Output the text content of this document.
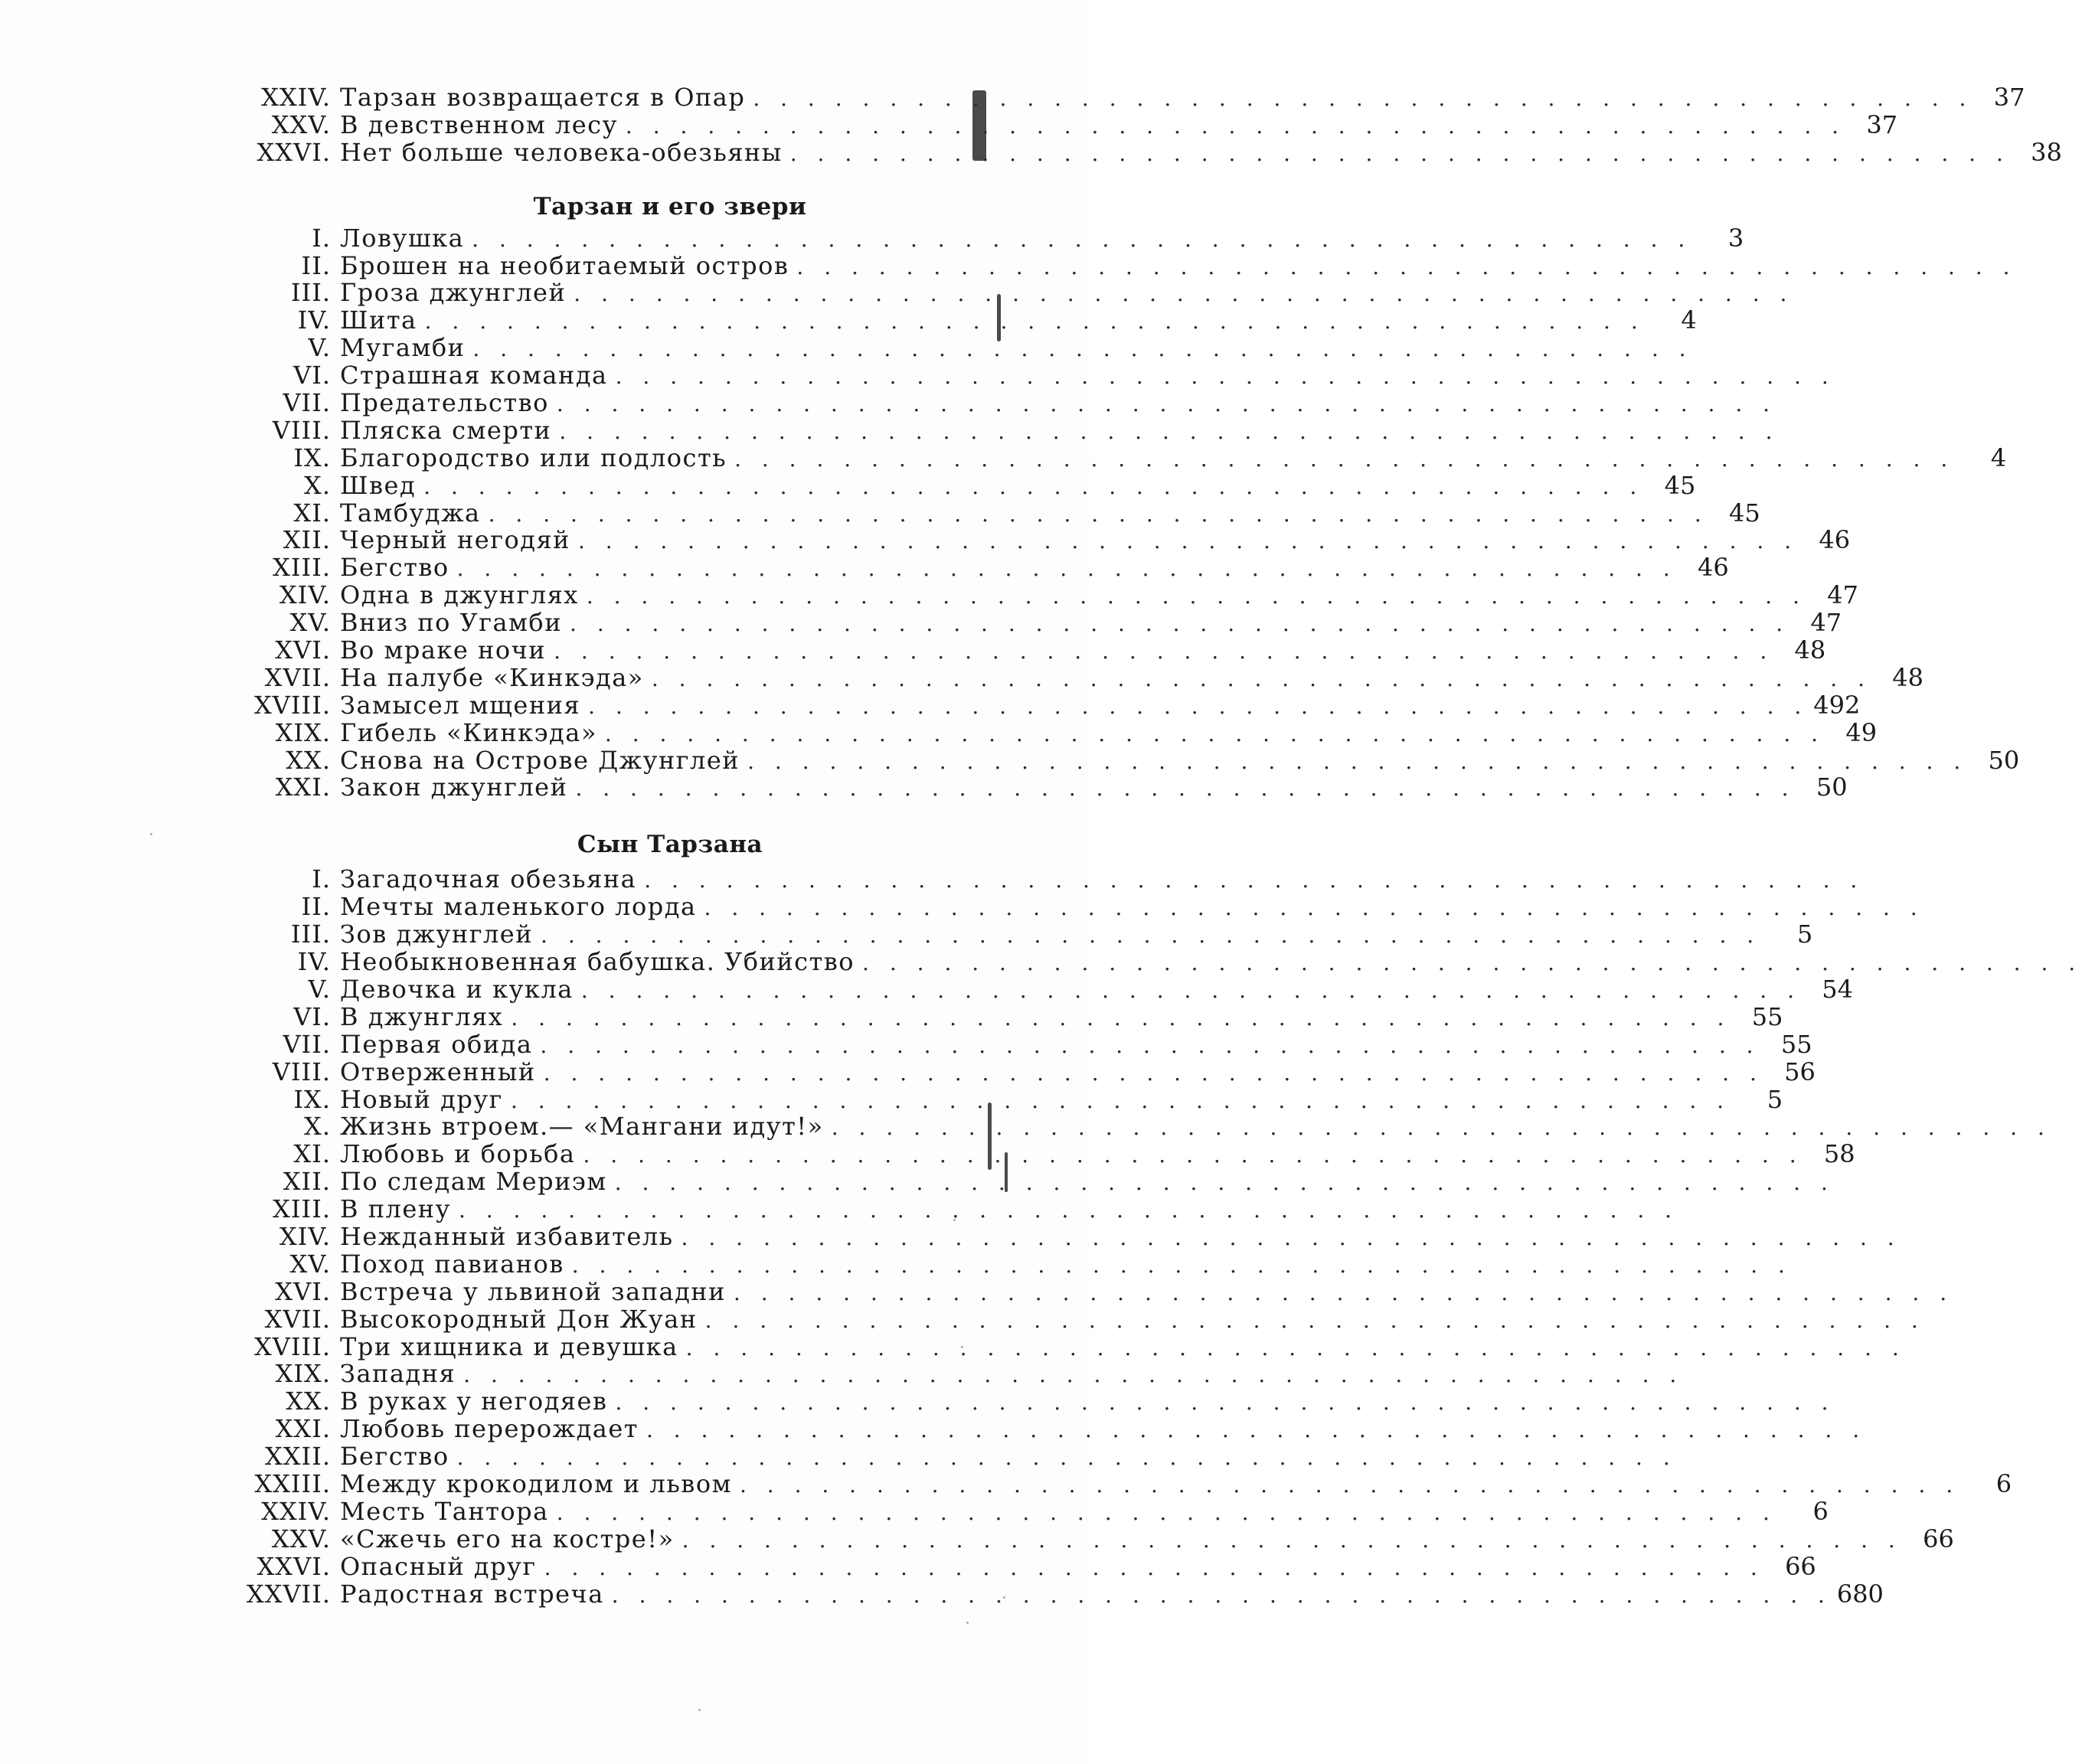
XXIV. Тарзан возвращается в Опар . . .	37
XXV. В девственном лесу . . .	37
XXVI. Нет больше человека-обезьяны . . .	38
Тарзан и его звери
I. Ловушка . . .	3
II. Брошен на необитаемый остров
. . .
III. Гроза джунглей
. . .
IV. Шита . . .	4
V. Мугамби
. . .
VI. Страшная команда
. . .
VII. Предательство
. . .
VIII. Пляска смерти
. . .
IX. Благородство или подлость . . .	4
X. Швед . . .	45
XI. Тамбуджа . . .	45
XII. Черный негодяй . . .	46
XIII. Бегство . . .	46
XIV. Одна в джунглях . . .	47
XV. Вниз по Угамби . . .	47
XVI. Во мраке ночи . . .	48
XVII. На палубе «Кинкэда» . . .	48
XVIII. Замысел мщения . . .	492
XIX. Гибель «Кинкэда» . . .	49
XX. Снова на Острове Джунглей . . .	50
XXI. Закон джунглей . . .	50
Сын Тарзана
I. Загадочная обезьяна
. . .
II. Мечты маленького лорда
. . .
III. Зов джунглей . . .	5
IV. Необыкновенная бабушка. Убийство
. . .
V. Девочка и кукла . . .	54
VI. В джунглях . . .	55
VII. Первая обида . . .	55
VIII. Отверженный . . .	56
IX. Новый друг . . .	5
X. Жизнь втроем.— «Мангани идут!»
. . .
XI. Любовь и борьба . . .	58
XII. По следам Мериэм
. . .
XIII. В плену
. . .
XIV. Нежданный избавитель
. . .
XV. Поход павианов
. . .
XVI. Встреча у львиной западни
. . .
XVII. Высокородный Дон Жуан
. . .
XVIII. Три хищника и девушка
. . .
XIX. Западня
. . .
XX. В руках у негодяев
. . .
XXI. Любовь перерождает
. . .
XXII. Бегство
. . .
XXIII. Между крокодилом и львом . . .	6
XXIV. Месть Тантора . . .	6
XXV. «Сжечь его на костре!» . . .	66
XXVI. Опасный друг . . .	66
XXVII. Радостная встреча . . .	680
